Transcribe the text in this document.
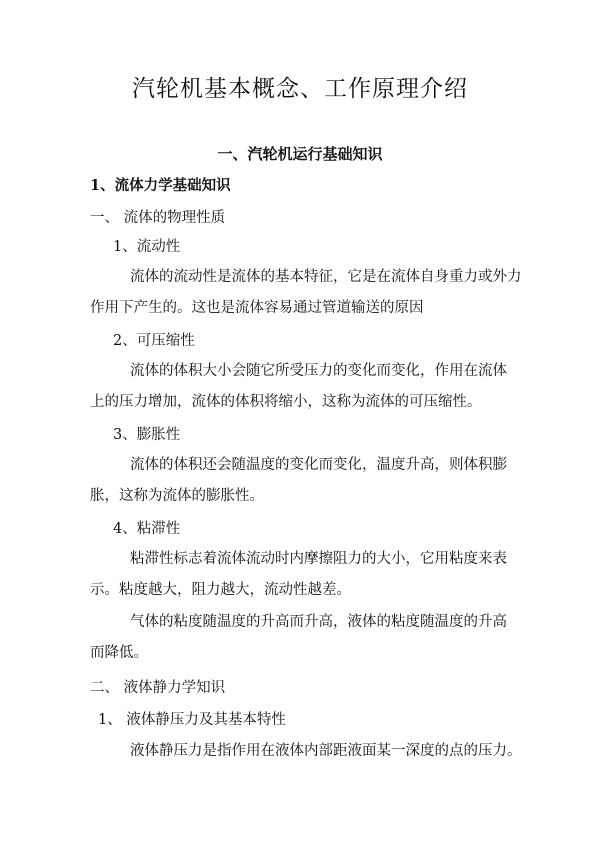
汽轮机基本概念、工作原理介绍
一、汽轮机运行基础知识
1、流体力学基础知识
一、 流体的物理性质
1、流动性
流体的流动性是流体的基本特征，它是在流体自身重力或外力
作用下产生的。这也是流体容易通过管道输送的原因
2、可压缩性
流体的体积大小会随它所受压力的变化而变化，作用在流体
上的压力增加，流体的体积将缩小，这称为流体的可压缩性。
3、膨胀性
流体的体积还会随温度的变化而变化，温度升高，则体积膨
胀，这称为流体的膨胀性。
4、粘滞性
粘滞性标志着流体流动时内摩擦阻力的大小，它用粘度来表
示。粘度越大，阻力越大，流动性越差。
气体的粘度随温度的升高而升高，液体的粘度随温度的升高
而降低。
二、 液体静力学知识
1、 液体静压力及其基本特性
液体静压力是指作用在液体内部距液面某一深度的点的压力。
